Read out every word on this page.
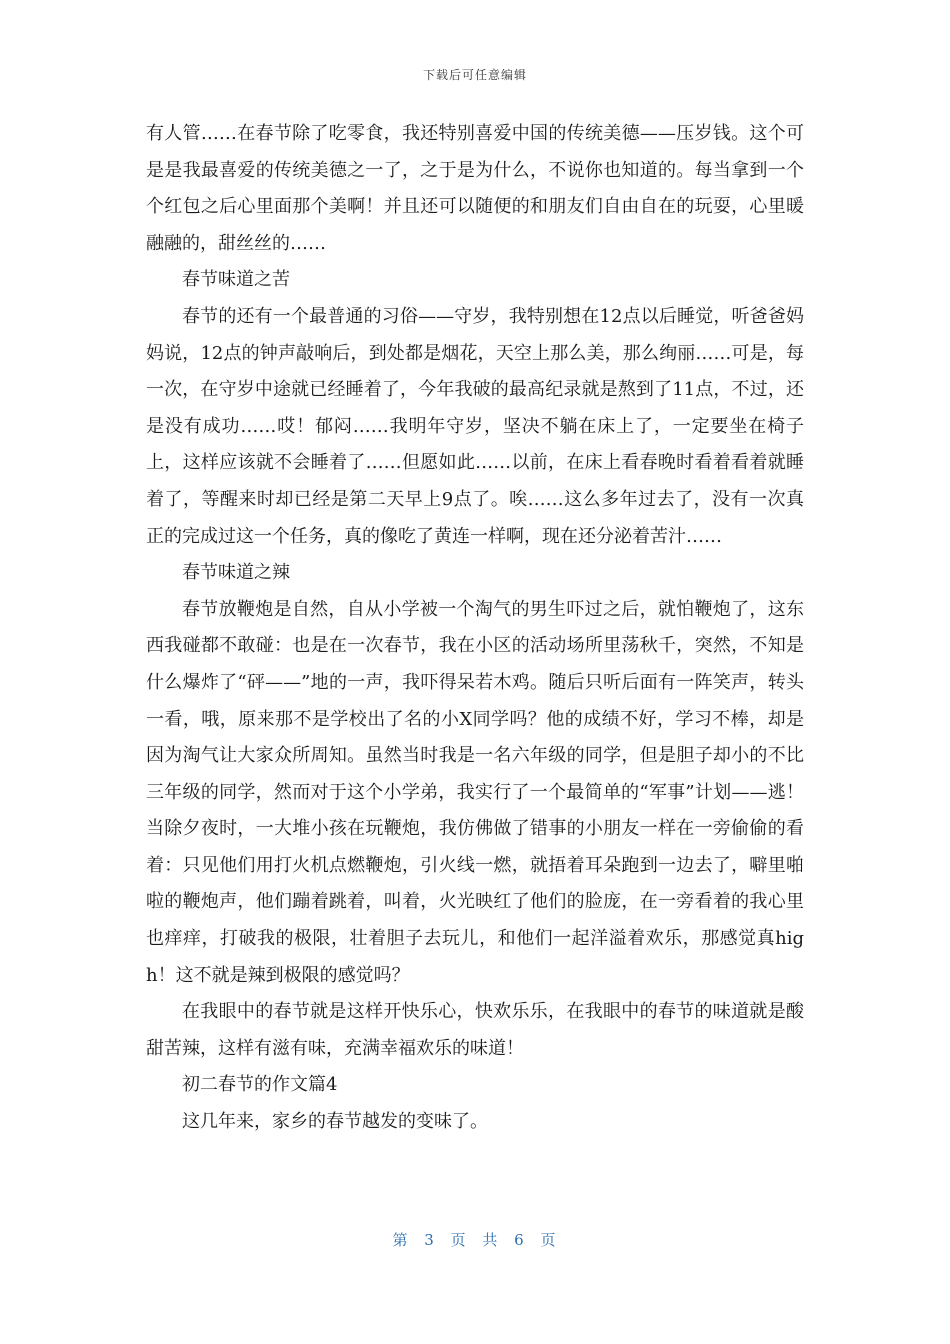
下载后可任意编辑

有人管……在春节除了吃零食，我还特别喜爱中国的传统美德——压岁钱。这个可是是我最喜爱的传统美德之一了，之于是为什么，不说你也知道的。每当拿到一个个红包之后心里面那个美啊！并且还可以随便的和朋友们自由自在的玩耍，心里暖融融的，甜丝丝的……

春节味道之苦

春节的还有一个最普通的习俗——守岁，我特别想在12点以后睡觉，听爸爸妈妈说，12点的钟声敲响后，到处都是烟花，天空上那么美，那么绚丽……可是，每一次，在守岁中途就已经睡着了，今年我破的最高纪录就是熬到了11点，不过，还是没有成功……哎！郁闷……我明年守岁，坚决不躺在床上了，一定要坐在椅子上，这样应该就不会睡着了……但愿如此……以前，在床上看春晚时看着看着就睡着了，等醒来时却已经是第二天早上9点了。唉……这么多年过去了，没有一次真正的完成过这一个任务，真的像吃了黄连一样啊，现在还分泌着苦汁……

春节味道之辣

春节放鞭炮是自然，自从小学被一个淘气的男生吓过之后，就怕鞭炮了，这东西我碰都不敢碰：也是在一次春节，我在小区的活动场所里荡秋千，突然，不知是什么爆炸了“砰——”地的一声，我吓得呆若木鸡。随后只听后面有一阵笑声，转头一看，哦，原来那不是学校出了名的小X同学吗？他的成绩不好，学习不棒，却是因为淘气让大家众所周知。虽然当时我是一名六年级的同学，但是胆子却小的不比三年级的同学，然而对于这个小学弟，我实行了一个最简单的“军事”计划——逃！当除夕夜时，一大堆小孩在玩鞭炮，我仿佛做了错事的小朋友一样在一旁偷偷的看着：只见他们用打火机点燃鞭炮，引火线一燃，就捂着耳朵跑到一边去了，噼里啪啦的鞭炮声，他们蹦着跳着，叫着，火光映红了他们的脸庞，在一旁看着的我心里也痒痒，打破我的极限，壮着胆子去玩儿，和他们一起洋溢着欢乐，那感觉真high！这不就是辣到极限的感觉吗？

在我眼中的春节就是这样开快乐心，快欢乐乐，在我眼中的春节的味道就是酸甜苦辣，这样有滋有味，充满幸福欢乐的味道！

初二春节的作文篇4

这几年来，家乡的春节越发的变味了。

第 3 页 共 6 页
